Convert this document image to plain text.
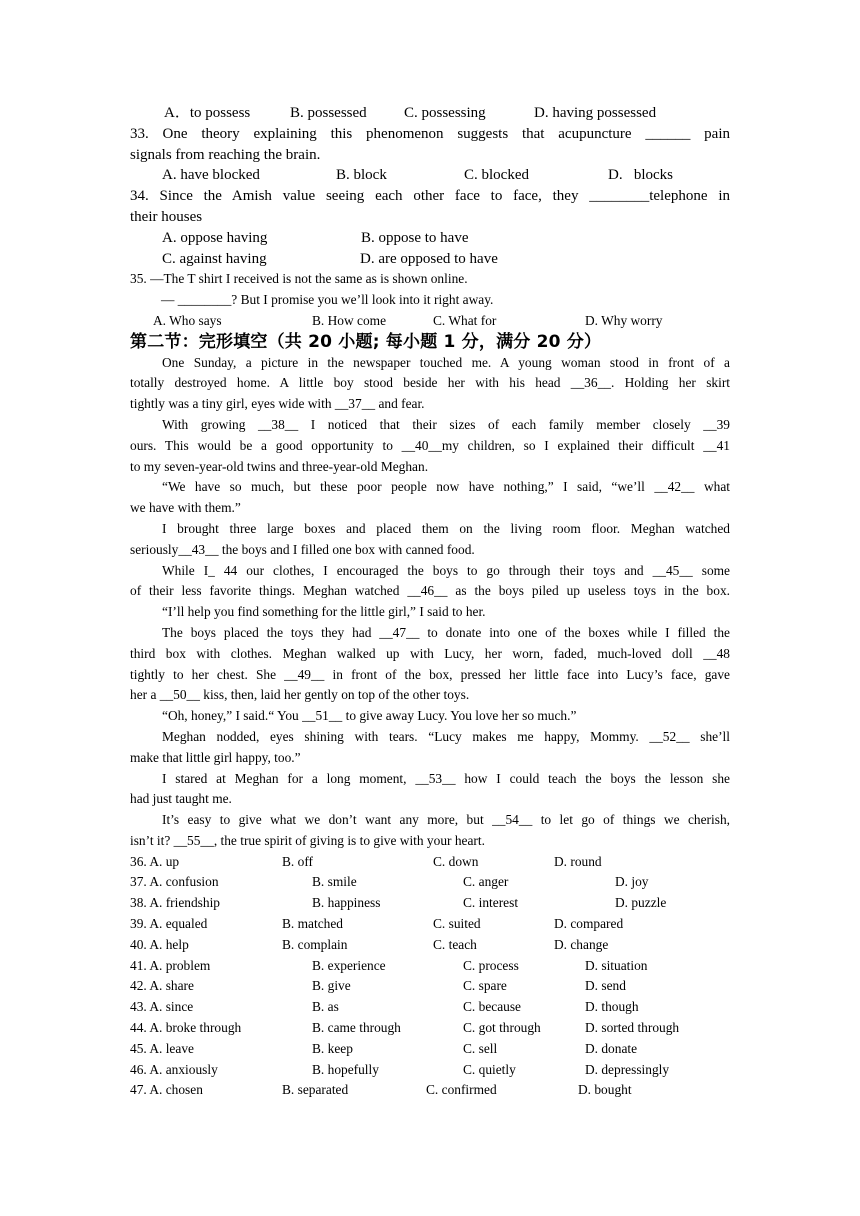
A．to possess	B. possessed C. possessing	D. having possessed
33. One theory explaining this phenomenon suggests that acupuncture ______ pain
signals from reaching the brain.
A. have blocked	B. block	C. blocked	D.   blocks
34. Since the Amish value seeing each other face to face, they ________telephone in
their houses
A. oppose having	B. oppose to have
C. against having	D. are opposed to have
35. —The T shirt I received is not the same as is shown online.
— ________? But I promise you we’ll look into it right away.
A. Who says	B. How come	C. What for	D. Why worry
第二节：完形填空（共 20 小题; 每小题 1 分，满分 20 分）
One Sunday, a picture in the newspaper touched me. A young woman stood in front of a
totally destroyed home. A little boy stood beside her with his head __36__. Holding her skirt
tightly was a tiny girl, eyes wide with __37__ and fear.
With growing __38__ I noticed that their sizes of each family member closely __39
ours. This would be a good opportunity to __40__my children, so I explained their difficult __41
to my seven-year-old twins and three-year-old Meghan.
“We have so much, but these poor people now have nothing,” I said, “we’ll __42__ what
we have with them.”
I brought three large boxes and placed them on the living room floor. Meghan watched
seriously__43__ the boys and I filled one box with canned food.
While I_ 44 our clothes, I encouraged the boys to go through their toys and __45__ some
of their less favorite things. Meghan watched __46__ as the boys piled up useless toys in the box.
“I’ll help you find something for the little girl,” I said to her.
The boys placed the toys they had __47__ to donate into one of the boxes while I filled the
third box with clothes. Meghan walked up with Lucy, her worn, faded, much-loved doll __48
tightly to her chest. She __49__ in front of the box, pressed her little face into Lucy’s face, gave
her a __50__ kiss, then, laid her gently on top of the other toys.
“Oh, honey,” I said.“ You __51__ to give away Lucy. You love her so much.”
Meghan nodded, eyes shining with tears. “Lucy makes me happy, Mommy. __52__ she’ll
make that little girl happy, too.”
I stared at Meghan for a long moment, __53__ how I could teach the boys the lesson she
had just taught me.
It’s easy to give what we don’t want any more, but __54__ to let go of things we cherish,
isn’t it? __55__, the true spirit of giving is to give with your heart.
36. A. up	B. off	C. down	D. round
37. A. confusion	B. smile	C. anger	D. joy
38. A. friendship	B. happiness	C. interest	D. puzzle
39. A. equaled	B. matched	C. suited	D. compared
40. A. help	B. complain	C. teach	D. change
41. A. problem	B. experience	C. process	D. situation
42. A. share	B. give	C. spare	D. send
43. A. since	B. as	C. because	D. though
44. A. broke through	B. came through	C. got through	D. sorted through
45. A. leave	B. keep	C. sell	D. donate
46. A. anxiously	B. hopefully	C. quietly	D. depressingly
47. A. chosen	B. separated	C. confirmed	D. bought
